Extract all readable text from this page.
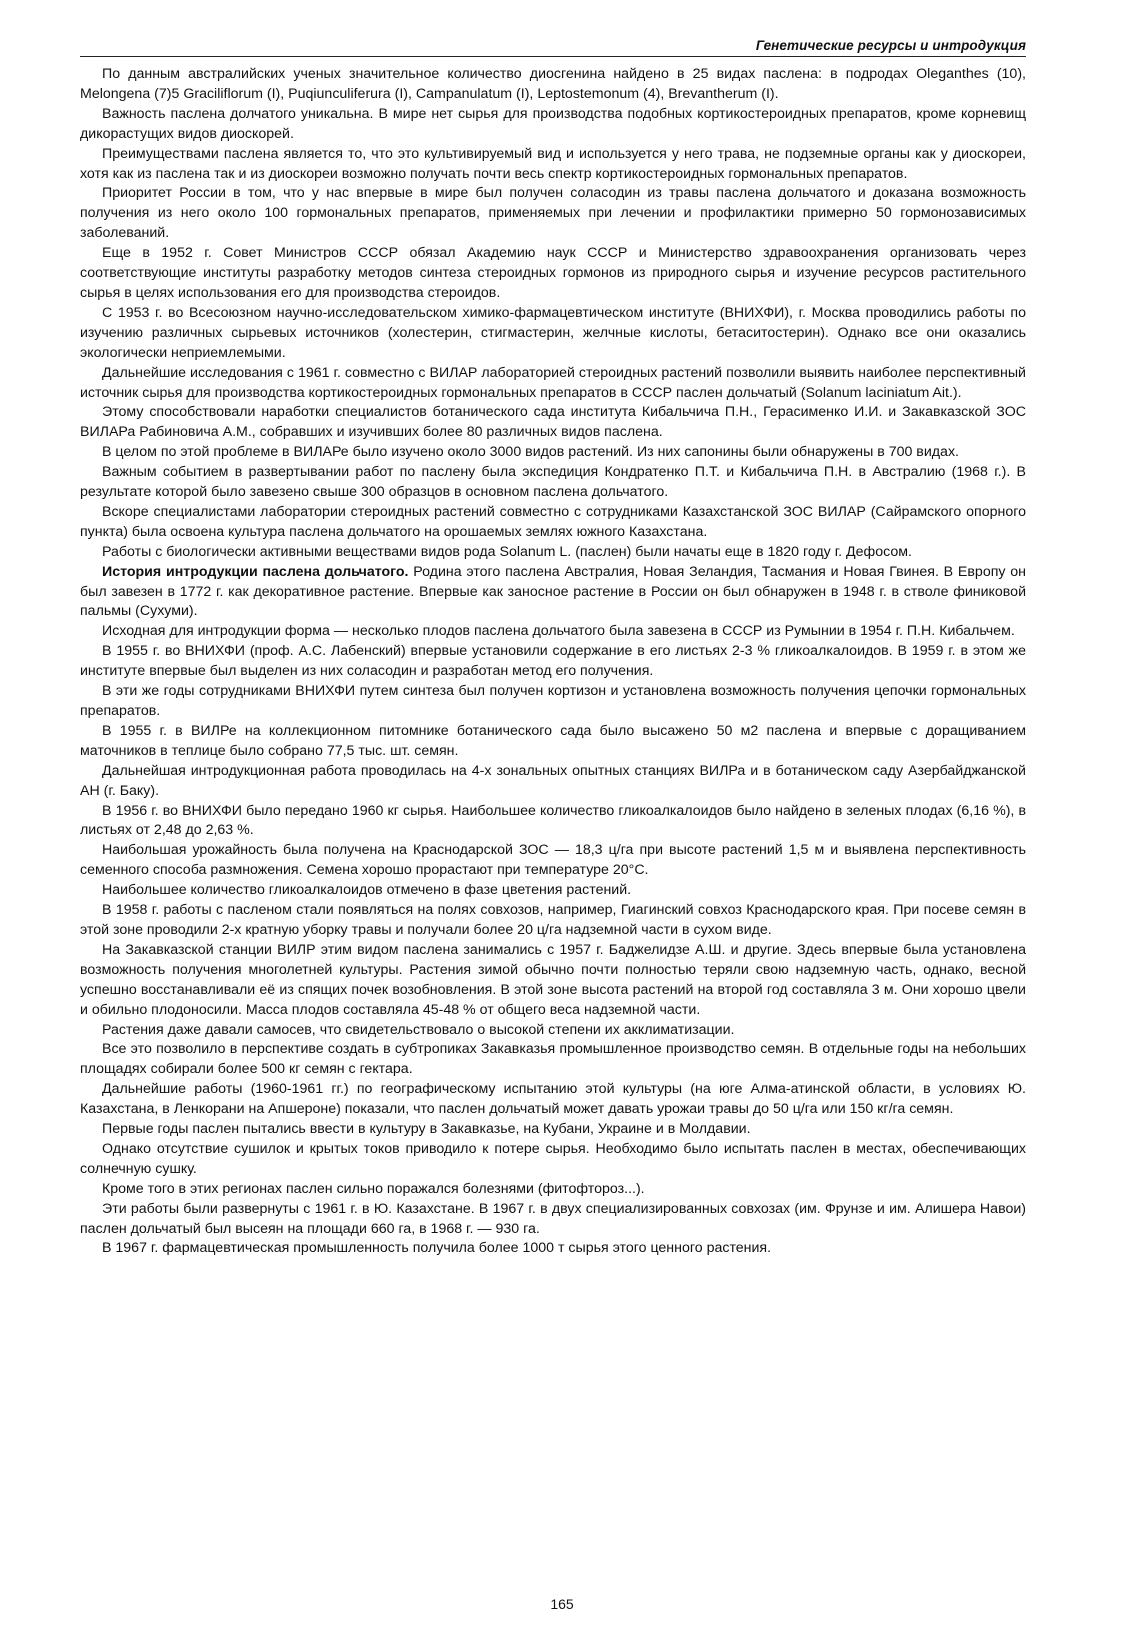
Генетические ресурсы и интродукция

По данным австралийских ученых значительное количество диосгенина найдено в 25 видах паслена: в подродах Oleganthes (10), Melongena (7)5 Graciliflorum (I), Puqiunculiferura (I), Campanulatum (I), Leptostemonum (4), Brevantherum (I).

Важность паслена долчатого уникальна. В мире нет сырья для производства подобных кортикостероидных препаратов, кроме корневищ дикорастущих видов диоскорей.

Преимуществами паслена является то, что это культивируемый вид и используется у него трава, не подземные органы как у диоскореи, хотя как из паслена так и из диоскореи возможно получать почти весь спектр кортикостероидных гормональных препаратов.

Приоритет России в том, что у нас впервые в мире был получен соласодин из травы паслена дольчатого и доказана возможность получения из него около 100 гормональных препаратов, применяемых при лечении и профилактики примерно 50 гормонозависимых заболеваний.

Еще в 1952 г. Совет Министров СССР обязал Академию наук СССР и Министерство здравоохранения организовать через соответствующие институты разработку методов синтеза стероидных гормонов из природного сырья и изучение ресурсов растительного сырья в целях использования его для производства стероидов.

С 1953 г. во Всесоюзном научно-исследовательском химико-фармацевтическом институте (ВНИХФИ), г. Москва проводились работы по изучению различных сырьевых источников (холестерин, стигмастерин, желчные кислоты, бетаситостерин). Однако все они оказались экологически неприемлемыми.

Дальнейшие исследования с 1961 г. совместно с ВИЛАР лабораторией стероидных растений позволили выявить наиболее перспективный источник сырья для производства кортикостероидных гормональных препаратов в СССР паслен дольчатый (Solanum laciniatum Ait.).

Этому способствовали наработки специалистов ботанического сада института Кибальчича П.Н., Герасименко И.И. и Закавказской ЗОС ВИЛАРа Рабиновича А.М., собравших и изучивших более 80 различных видов паслена.

В целом по этой проблеме в ВИЛАРе было изучено около 3000 видов растений. Из них сапонины были обнаружены в 700 видах.

Важным событием в развертывании работ по паслену была экспедиция Кондратенко П.Т. и Кибальчича П.Н. в Австралию (1968 г.). В результате которой было завезено свыше 300 образцов в основном паслена дольчатого.

Вскоре специалистами лаборатории стероидных растений совместно с сотрудниками Казахстанской ЗОС ВИЛАР (Сайрамского опорного пункта) была освоена культура паслена дольчатого на орошаемых землях южного Казахстана.

Работы с биологически активными веществами видов рода Solanum L. (паслен) были начаты еще в 1820 году г. Дефосом.

История интродукции паслена дольчатого. Родина этого паслена Австралия, Новая Зеландия, Тасмания и Новая Гвинея. В Европу он был завезен в 1772 г. как декоративное растение. Впервые как заносное растение в России он был обнаружен в 1948 г. в стволе финиковой пальмы (Сухуми).

Исходная для интродукции форма — несколько плодов паслена дольчатого была завезена в СССР из Румынии в 1954 г. П.Н. Кибальчем.

В 1955 г. во ВНИХФИ (проф. А.С. Лабенский) впервые установили содержание в его листьях 2-3 % гликоалкалоидов. В 1959 г. в этом же институте впервые был выделен из них соласодин и разработан метод его получения.

В эти же годы сотрудниками ВНИХФИ путем синтеза был получен кортизон и установлена возможность получения цепочки гормональных препаратов.

В 1955 г. в ВИЛРе на коллекционном питомнике ботанического сада было высажено 50 м2 паслена и впервые с доращиванием маточников в теплице было собрано 77,5 тыс. шт. семян.

Дальнейшая интродукционная работа проводилась на 4-х зональных опытных станциях ВИЛРа и в ботаническом саду Азербайджанской АН (г. Баку).

В 1956 г. во ВНИХФИ было передано 1960 кг сырья. Наибольшее количество гликоалкалоидов было найдено в зеленых плодах (6,16 %), в листьях от 2,48 до 2,63 %.

Наибольшая урожайность была получена на Краснодарской ЗОС — 18,3 ц/га при высоте растений 1,5 м и выявлена перспективность семенного способа размножения. Семена хорошо прорастают при температуре 20°С.

Наибольшее количество гликоалкалоидов отмечено в фазе цветения растений.

В 1958 г. работы с пасленом стали появляться на полях совхозов, например, Гиагинский совхоз Краснодарского края. При посеве семян в этой зоне проводили 2-х кратную уборку травы и получали более 20 ц/га надземной части в сухом виде.

На Закавказской станции ВИЛР этим видом паслена занимались с 1957 г. Баджелидзе А.Ш. и другие. Здесь впервые была установлена возможность получения многолетней культуры. Растения зимой обычно почти полностью теряли свою надземную часть, однако, весной успешно восстанавливали её из спящих почек возобновления. В этой зоне высота растений на второй год составляла 3 м. Они хорошо цвели и обильно плодоносили. Масса плодов составляла 45-48 % от общего веса надземной части.

Растения даже давали самосев, что свидетельствовало о высокой степени их акклиматизации.

Все это позволило в перспективе создать в субтропиках Закавказья промышленное производство семян. В отдельные годы на небольших площадях собирали более 500 кг семян с гектара.

Дальнейшие работы (1960-1961 гг.) по географическому испытанию этой культуры (на юге Алма-атинской области, в условиях Ю. Казахстана, в Ленкорани на Апшероне) показали, что паслен дольчатый может давать урожаи травы до 50 ц/га или 150 кг/га семян.

Первые годы паслен пытались ввести в культуру в Закавказье, на Кубани, Украине и в Молдавии.

Однако отсутствие сушилок и крытых токов приводило к потере сырья. Необходимо было испытать паслен в местах, обеспечивающих солнечную сушку.

Кроме того в этих регионах паслен сильно поражался болезнями (фитофтороз...).

Эти работы были развернуты с 1961 г. в Ю. Казахстане. В 1967 г. в двух специализированных совхозах (им. Фрунзе и им. Алишера Навои) паслен дольчатый был высеян на площади 660 га, в 1968 г. — 930 га.

В 1967 г. фармацевтическая промышленность получила более 1000 т сырья этого ценного растения.

165
